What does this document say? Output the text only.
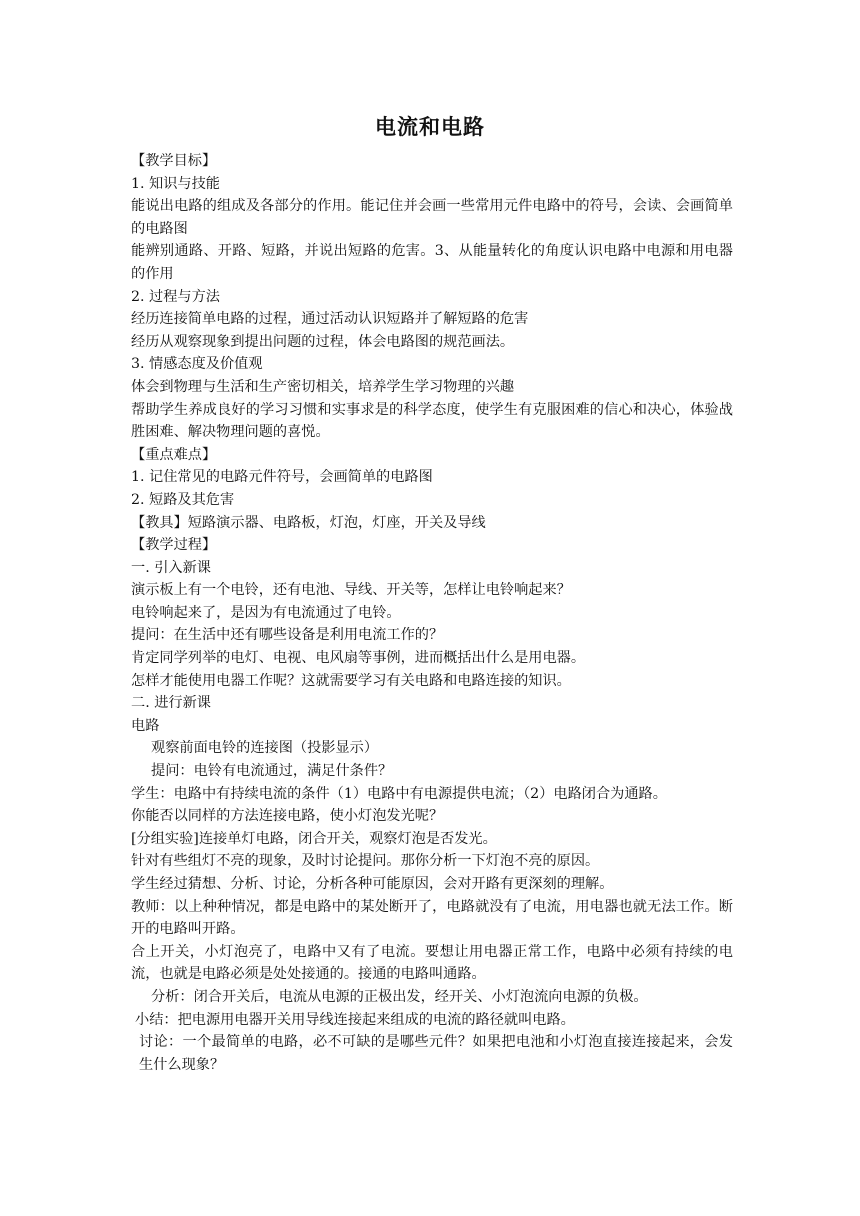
电流和电路
【教学目标】
1. 知识与技能
能说出电路的组成及各部分的作用。能记住并会画一些常用元件电路中的符号，会读、会画简单的电路图
能辨别通路、开路、短路，并说出短路的危害。3、从能量转化的角度认识电路中电源和用电器的作用
2. 过程与方法
经历连接简单电路的过程，通过活动认识短路并了解短路的危害
经历从观察现象到提出问题的过程，体会电路图的规范画法。
3. 情感态度及价值观
体会到物理与生活和生产密切相关，培养学生学习物理的兴趣
帮助学生养成良好的学习习惯和实事求是的科学态度，使学生有克服困难的信心和决心，体验战胜困难、解决物理问题的喜悦。
【重点难点】
1. 记住常见的电路元件符号，会画简单的电路图
2. 短路及其危害
【教具】短路演示器、电路板，灯泡，灯座，开关及导线
【教学过程】
一. 引入新课
演示板上有一个电铃，还有电池、导线、开关等，怎样让电铃响起来？
电铃响起来了，是因为有电流通过了电铃。
提问：在生活中还有哪些设备是利用电流工作的？
肯定同学列举的电灯、电视、电风扇等事例，进而概括出什么是用电器。
怎样才能使用电器工作呢？这就需要学习有关电路和电路连接的知识。
二. 进行新课
电路
观察前面电铃的连接图（投影显示）
提问：电铃有电流通过，满足什条件？
学生：电路中有持续电流的条件（1）电路中有电源提供电流；（2）电路闭合为通路。
你能否以同样的方法连接电路，使小灯泡发光呢？
[分组实验]连接单灯电路，闭合开关，观察灯泡是否发光。
针对有些组灯不亮的现象，及时讨论提问。那你分析一下灯泡不亮的原因。
学生经过猜想、分析、讨论，分析各种可能原因，会对开路有更深刻的理解。
教师：以上种种情况，都是电路中的某处断开了，电路就没有了电流，用电器也就无法工作。断开的电路叫开路。
合上开关，小灯泡亮了，电路中又有了电流。要想让用电器正常工作，电路中必须有持续的电流，也就是电路必须是处处接通的。接通的电路叫通路。
分析：闭合开关后，电流从电源的正极出发，经开关、小灯泡流向电源的负极。
小结：把电源用电器开关用导线连接起来组成的电流的路径就叫电路。
讨论：一个最简单的电路，必不可缺的是哪些元件？如果把电池和小灯泡直接连接起来，会发生什么现象？
